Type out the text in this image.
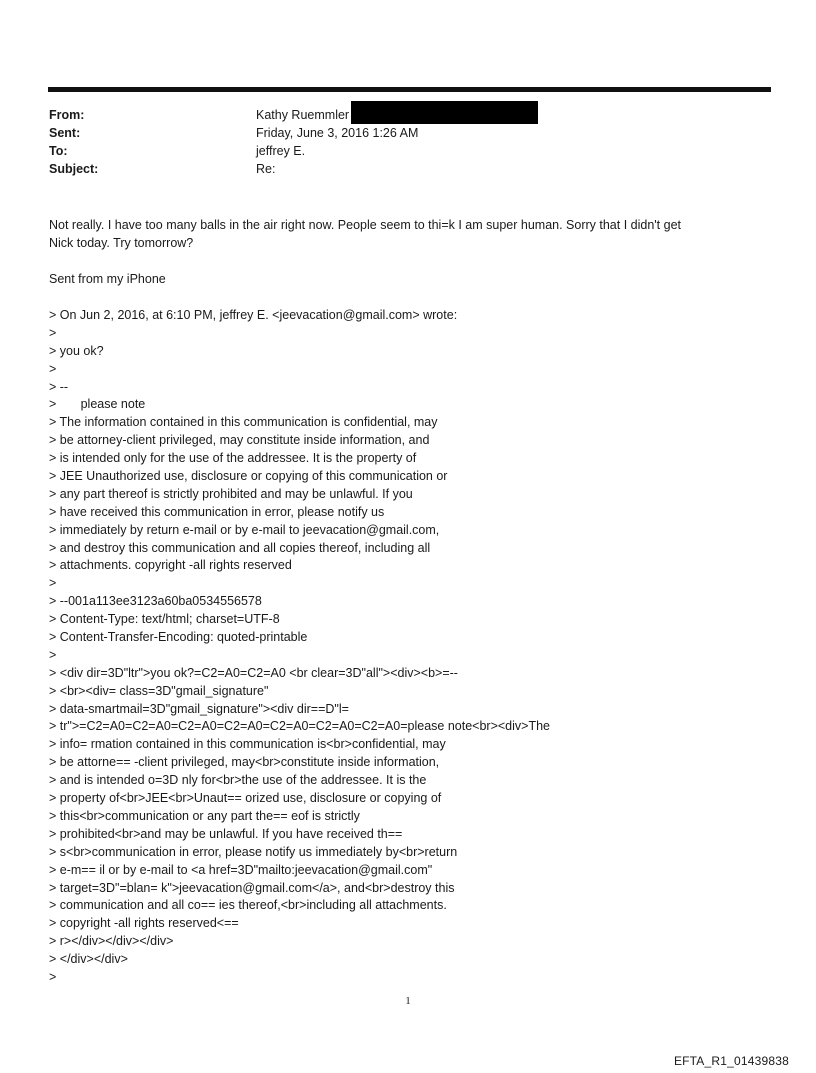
From:	Kathy Ruemmler
Sent:	Friday, June 3, 2016 1:26 AM
To:	jeffrey E.
Subject:	Re:

Not really. I have too many balls in the air right now. People seem to thi=k I am super human. Sorry that I didn't get

Nick today. Try tomorrow?

Sent from my iPhone

> On Jun 2, 2016, at 6:10 PM, jeffrey E. <jeevacation@gmail.com> wrote:
>
> you ok?
>
> --
>       please note
> The information contained in this communication is confidential, may
> be attorney-client privileged, may constitute inside information, and
> is intended only for the use of the addressee. It is the property of
> JEE Unauthorized use, disclosure or copying of this communication or
> any part thereof is strictly prohibited and may be unlawful. If you
> have received this communication in error, please notify us
> immediately by return e-mail or by e-mail to jeevacation@gmail.com,
> and destroy this communication and all copies thereof, including all
> attachments. copyright -all rights reserved
>
> --001a113ee3123a60ba0534556578
> Content-Type: text/html; charset=UTF-8
> Content-Transfer-Encoding: quoted-printable
>
> <div dir=3D"ltr">you ok?=C2=A0=C2=A0 <br clear=3D"all"><div><b>=--
> <br><div= class=3D"gmail_signature"
> data-smartmail=3D"gmail_signature"><div dir==D"l=
> tr">=C2=A0=C2=A0=C2=A0=C2=A0=C2=A0=C2=A0=C2=A0=please note<br><div>The
> info= rmation contained in this communication is<br>confidential, may
> be attorne== -client privileged, may<br>constitute inside information,
> and is intended o=3D nly for<br>the use of the addressee. It is the
> property of<br>JEE<br>Unaut== orized use, disclosure or copying of
> this<br>communication or any part the== eof is strictly
> prohibited<br>and may be unlawful. If you have received th==
> s<br>communication in error, please notify us immediately by<br>return
> e-m== il or by e-mail to <a href=3D"mailto:jeevacation@gmail.com"
> target=3D"=blan= k">jeevacation@gmail.com</a>, and<br>destroy this
> communication and all co== ies thereof,<br>including all attachments.
> copyright -all rights reserved<==
> r></div></div></div>
> </div></div>
>
1
EFTA_R1_01439838
